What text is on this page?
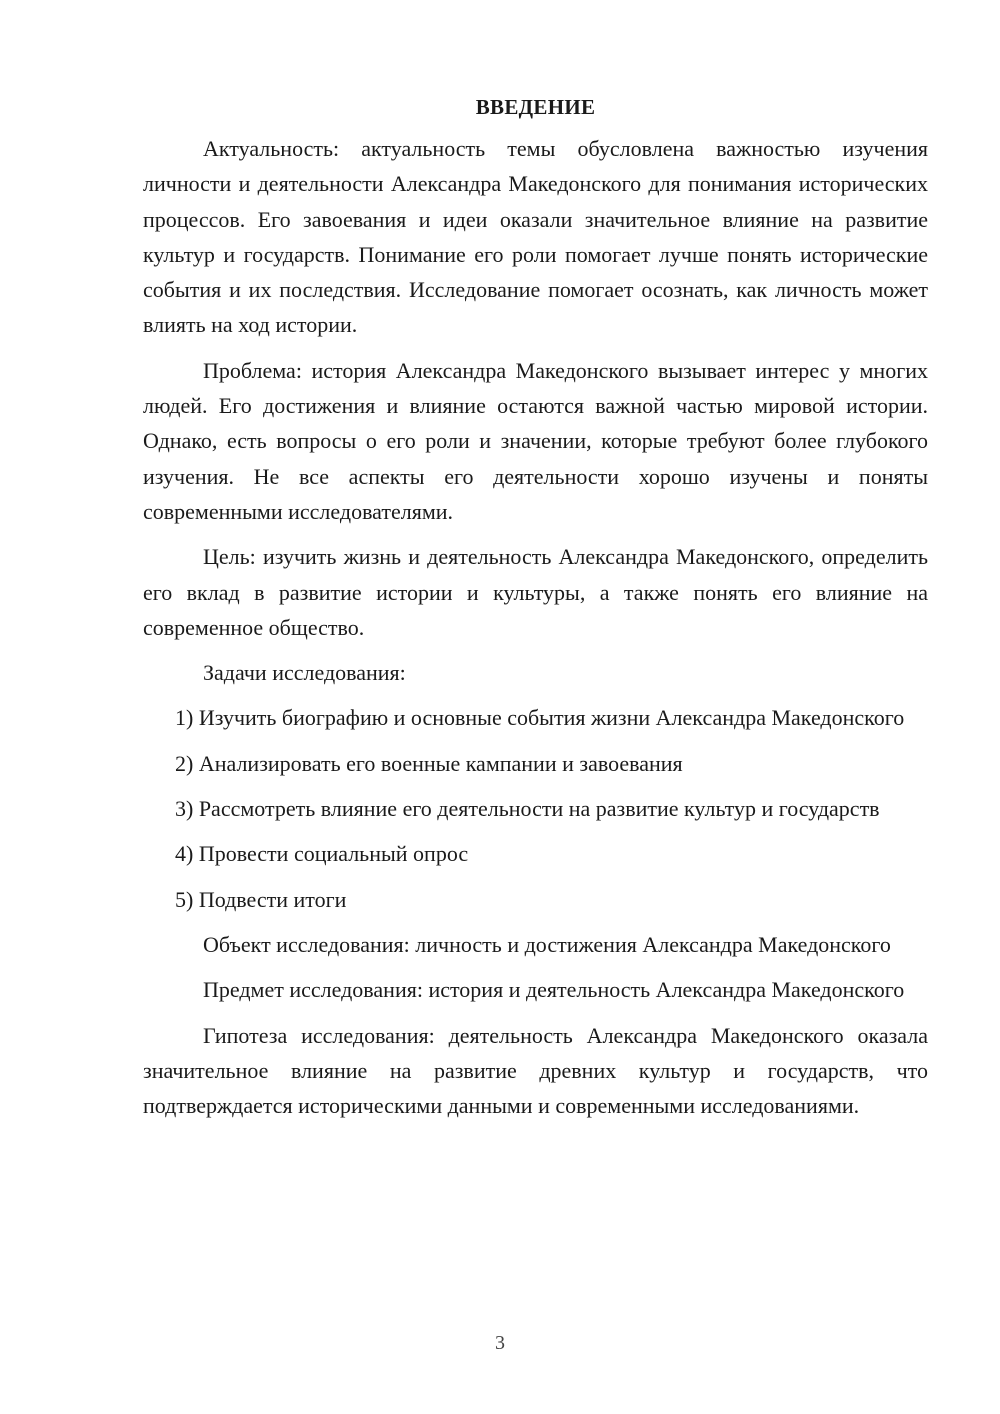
ВВЕДЕНИЕ

Актуальность: актуальность темы обусловлена важностью изучения личности и деятельности Александра Македонского для понимания исторических процессов. Его завоевания и идеи оказали значительное влияние на развитие культур и государств. Понимание его роли помогает лучше понять исторические события и их последствия. Исследование помогает осознать, как личность может влиять на ход истории.

Проблема: история Александра Македонского вызывает интерес у многих людей. Его достижения и влияние остаются важной частью мировой истории. Однако, есть вопросы о его роли и значении, которые требуют более глубокого изучения. Не все аспекты его деятельности хорошо изучены и поняты современными исследователями.

Цель: изучить жизнь и деятельность Александра Македонского, определить его вклад в развитие истории и культуры, а также понять его влияние на современное общество.

Задачи исследования:

1) Изучить биографию и основные события жизни Александра Македонского

2) Анализировать его военные кампании и завоевания

3) Рассмотреть влияние его деятельности на развитие культур и государств

4) Провести социальный опрос

5) Подвести итоги

Объект исследования: личность и достижения Александра Македонского

Предмет исследования: история и деятельность Александра Македонского

Гипотеза исследования: деятельность Александра Македонского оказала значительное влияние на развитие древних культур и государств, что подтверждается историческими данными и современными исследованиями.

3
